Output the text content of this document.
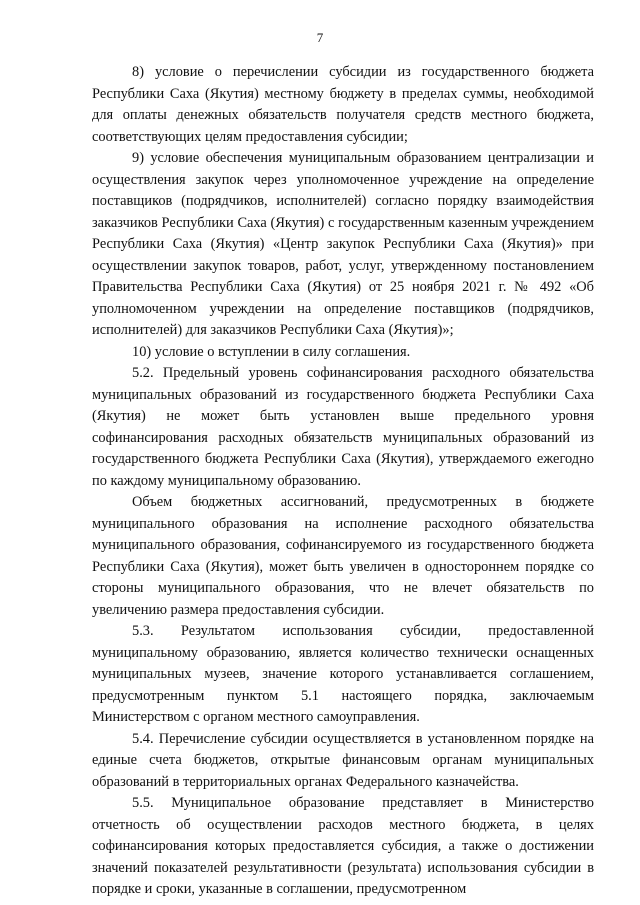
7

8) условие о перечислении субсидии из государственного бюджета Республики Саха (Якутия) местному бюджету в пределах суммы, необходимой для оплаты денежных обязательств получателя средств местного бюджета, соответствующих целям предоставления субсидии;

9) условие обеспечения муниципальным образованием централизации и осуществления закупок через уполномоченное учреждение на определение поставщиков (подрядчиков, исполнителей) согласно порядку взаимодействия заказчиков Республики Саха (Якутия) с государственным казенным учреждением Республики Саха (Якутия) «Центр закупок Республики Саха (Якутия)» при осуществлении закупок товаров, работ, услуг, утвержденному постановлением Правительства Республики Саха (Якутия) от 25 ноября 2021 г. № 492 «Об уполномоченном учреждении на определение поставщиков (подрядчиков, исполнителей) для заказчиков Республики Саха (Якутия)»;

10) условие о вступлении в силу соглашения.

5.2. Предельный уровень софинансирования расходного обязательства муниципальных образований из государственного бюджета Республики Саха (Якутия) не может быть установлен выше предельного уровня софинансирования расходных обязательств муниципальных образований из государственного бюджета Республики Саха (Якутия), утверждаемого ежегодно по каждому муниципальному образованию.

Объем бюджетных ассигнований, предусмотренных в бюджете муниципального образования на исполнение расходного обязательства муниципального образования, софинансируемого из государственного бюджета Республики Саха (Якутия), может быть увеличен в одностороннем порядке со стороны муниципального образования, что не влечет обязательств по увеличению размера предоставления субсидии.

5.3. Результатом использования субсидии, предоставленной муниципальному образованию, является количество технически оснащенных муниципальных музеев, значение которого устанавливается соглашением, предусмотренным пунктом 5.1 настоящего порядка, заключаемым Министерством с органом местного самоуправления.

5.4. Перечисление субсидии осуществляется в установленном порядке на единые счета бюджетов, открытые финансовым органам муниципальных образований в территориальных органах Федерального казначейства.

5.5. Муниципальное образование представляет в Министерство отчетность об осуществлении расходов местного бюджета, в целях софинансирования которых предоставляется субсидия, а также о достижении значений показателей результативности (результата) использования субсидии в порядке и сроки, указанные в соглашении, предусмотренном
